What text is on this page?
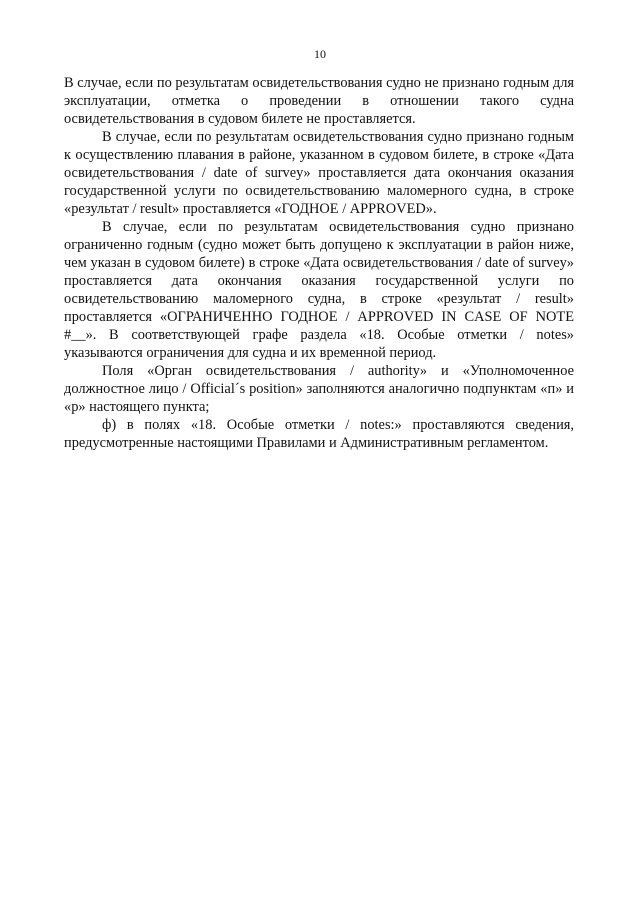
10

В случае, если по результатам освидетельствования судно не признано годным для эксплуатации, отметка о проведении в отношении такого судна освидетельствования в судовом билете не проставляется.

В случае, если по результатам освидетельствования судно признано годным к осуществлению плавания в районе, указанном в судовом билете, в строке «Дата освидетельствования / date of survey» проставляется дата окончания оказания государственной услуги по освидетельствованию маломерного судна, в строке «результат / result» проставляется «ГОДНОЕ / APPROVED».

В случае, если по результатам освидетельствования судно признано ограниченно годным (судно может быть допущено к эксплуатации в район ниже, чем указан в судовом билете) в строке «Дата освидетельствования / date of survey» проставляется дата окончания оказания государственной услуги по освидетельствованию маломерного судна, в строке «результат / result» проставляется «ОГРАНИЧЕННО ГОДНОЕ / APPROVED IN CASE OF NOTE #__». В соответствующей графе раздела «18. Особые отметки / notes» указываются ограничения для судна и их временной период.

Поля «Орган освидетельствования / authority» и «Уполномоченное должностное лицо / Official´s position» заполняются аналогично подпунктам «п» и «р» настоящего пункта;

ф) в полях «18. Особые отметки / notes:» проставляются сведения, предусмотренные настоящими Правилами и Административным регламентом.
